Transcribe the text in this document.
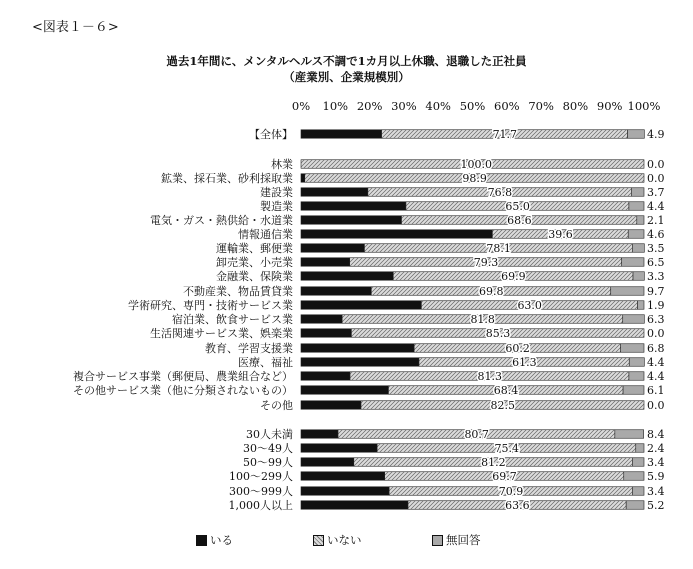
<図表１－６>
過去1年間に、メンタルヘルス不調で1カ月以上休職、退職した正社員
（産業別、企業規模別）
0% 10% 20% 30% 40% 50% 60% 70% 80% 90% 100%
【全体】	71.7	4.9
林業	100.0	0.0
鉱業、採石業、砂利採取業	98.9	0.0
建設業	76.8	3.7
製造業	65.0	4.4
電気・ガス・熱供給・水道業	68.6	2.1
情報通信業	39.6	4.6
運輸業、郵便業	78.1	3.5
卸売業、小売業	79.3	6.5
金融業、保険業	69.9	3.3
不動産業、物品賃貸業	69.8	9.7
学術研究、専門・技術サービス業	63.0	1.9
宿泊業、飲食サービス業	81.8	6.3
生活関連サービス業、娯楽業	85.3	0.0
教育、学習支援業	60.2	6.8
医療、福祉	61.3	4.4
複合サービス事業（郵便局、農業組合など）	81.3	4.4
その他サービス業（他に分類されないもの）	68.4	6.1
その他	82.5	0.0
30人未満	80.7	8.4
30～49人	75.4	2.4
50～99人	81.2	3.4
100～299人	69.7	5.9
300～999人	70.9	3.4
1,000人以上	63.6	5.2
いる	いない	無回答
